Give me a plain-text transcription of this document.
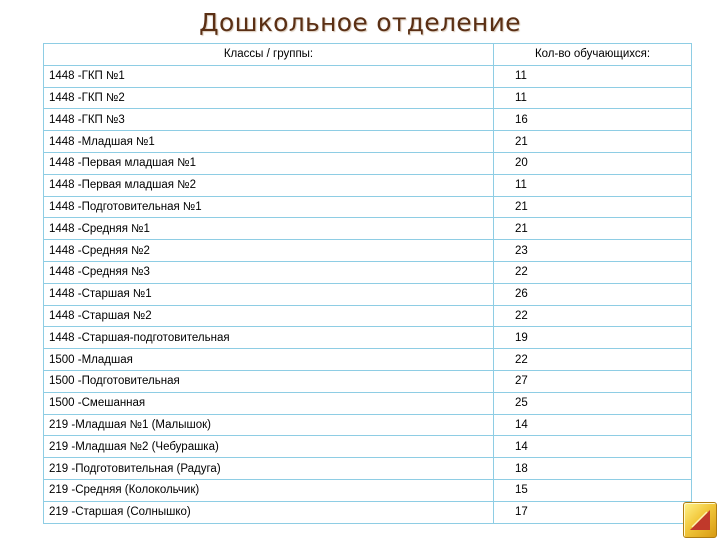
Дошкольное отделение
Классы / группы:	Кол-во обучающихся:
1448 -ГКП №1	11
1448 -ГКП №2	11
1448 -ГКП №3	16
1448 -Младшая №1	21
1448 -Первая младшая №1	20
1448 -Первая младшая №2	11
1448 -Подготовительная №1	21
1448 -Средняя №1	21
1448 -Средняя №2	23
1448 -Средняя №3	22
1448 -Старшая №1	26
1448 -Старшая №2	22
1448 -Старшая-подготовительная	19
1500 -Младшая	22
1500 -Подготовительная	27
1500 -Смешанная	25
219 -Младшая №1 (Малышок)	14
219 -Младшая №2 (Чебурашка)	14
219 -Подготовительная (Радуга)	18
219 -Средняя (Колокольчик)	15
219 -Старшая (Солнышко)	17
